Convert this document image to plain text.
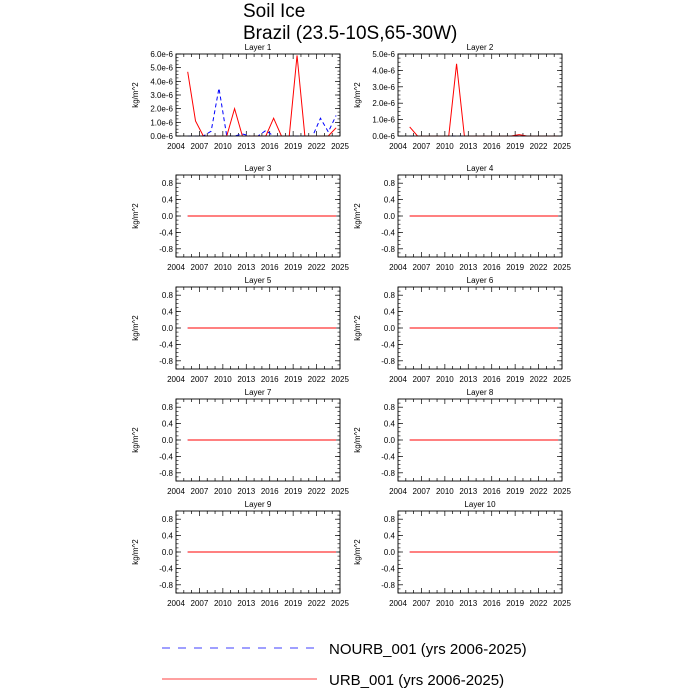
Soil Ice
Brazil (23.5-10S,65-30W)
Layer 1
kg/m^2
2004 2007 2010 2013 2016 2019 2022 2025
0.0e-6
1.0e-6
2.0e-6
3.0e-6
4.0e-6
5.0e-6
6.0e-6
Layer 2
kg/m^2
2004 2007 2010 2013 2016 2019 2022 2025
0.0e-6
1.0e-6
2.0e-6
3.0e-6
4.0e-6
5.0e-6
Layer 3
kg/m^2
2004 2007 2010 2013 2016 2019 2022 2025
-0.8
-0.4
0.0
0.4
0.8
Layer 4
kg/m^2
2004 2007 2010 2013 2016 2019 2022 2025
-0.8
-0.4
0.0
0.4
0.8
Layer 5
kg/m^2
2004 2007 2010 2013 2016 2019 2022 2025
-0.8
-0.4
0.0
0.4
0.8
Layer 6
kg/m^2
2004 2007 2010 2013 2016 2019 2022 2025
-0.8
-0.4
0.0
0.4
0.8
Layer 7
kg/m^2
2004 2007 2010 2013 2016 2019 2022 2025
-0.8
-0.4
0.0
0.4
0.8
Layer 8
kg/m^2
2004 2007 2010 2013 2016 2019 2022 2025
-0.8
-0.4
0.0
0.4
0.8
Layer 9
kg/m^2
2004 2007 2010 2013 2016 2019 2022 2025
-0.8
-0.4
0.0
0.4
0.8
Layer 10
kg/m^2
2004 2007 2010 2013 2016 2019 2022 2025
-0.8
-0.4
0.0
0.4
0.8
NOURB_001 (yrs 2006-2025)
URB_001 (yrs 2006-2025)
